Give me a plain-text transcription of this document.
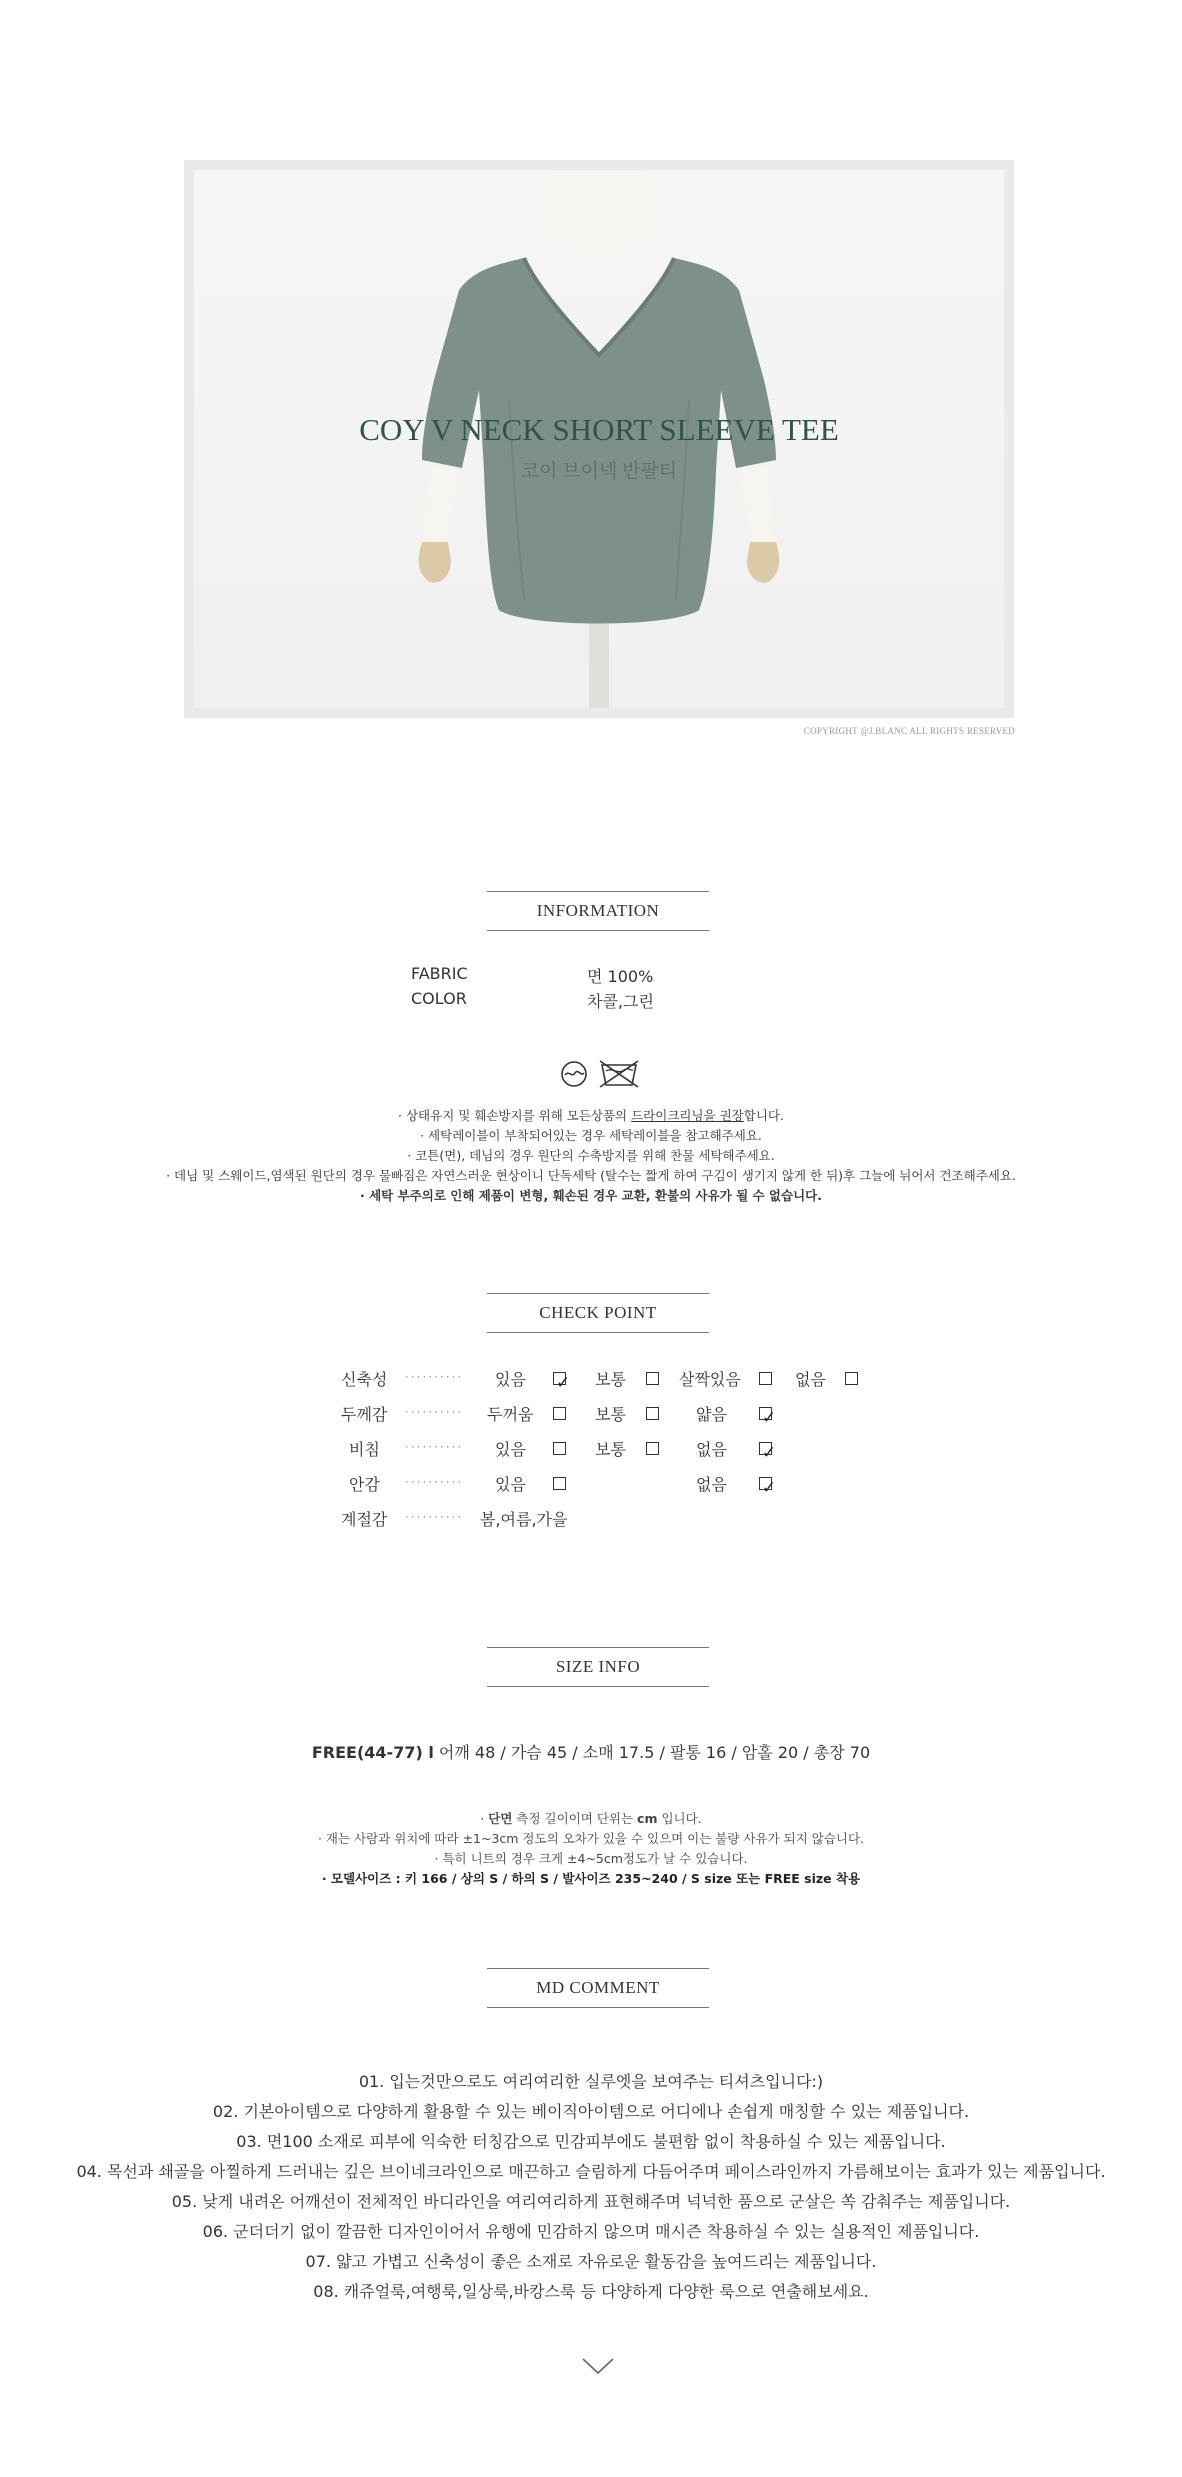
COY V NECK SHORT SLEEVE TEE
코이 브이넥 반팔티
COPYRIGHT @J.BLANC ALL RIGHTS RESERVED
INFORMATION
FABRIC	면 100%
COLOR	차콜,그린
· 상태유지 및 훼손방지를 위해 모든상품의 드라이크리닝을 권장합니다.
· 세탁레이블이 부착되어있는 경우 세탁레이블을 참고해주세요.
· 코튼(면), 데님의 경우 원단의 수축방지를 위해 찬물 세탁해주세요.
· 데님 및 스웨이드,염색된 원단의 경우 물빠짐은 자연스러운 현상이니 단독세탁 (탈수는 짧게 하여 구김이 생기지 않게 한 뒤)후 그늘에 뉘어서 건조해주세요.
· 세탁 부주의로 인해 제품이 변형, 훼손된 경우 교환, 환불의 사유가 될 수 없습니다.
CHECK POINT
신축성 ·········· 있음 ✓ 보통	살짝있음	없음
두께감 ·········· 두꺼움	보통	얇음 ✓
비침 ·········· 있음	보통	없음 ✓
안감 ·········· 있음	없음 ✓
계절감 ·········· 봄,여름,가을
SIZE INFO
FREE(44-77) l 어깨 48 / 가슴 45 / 소매 17.5 / 팔통 16 / 암홀 20 / 총장 70
· 단면 측정 길이이며 단위는 cm 입니다.
· 재는 사람과 위치에 따라 ±1~3cm 정도의 오차가 있을 수 있으며 이는 불량 사유가 되지 않습니다.
· 특히 니트의 경우 크게 ±4~5cm정도가 날 수 있습니다.
· 모델사이즈 : 키 166 / 상의 S / 하의 S / 발사이즈 235~240 / S size 또는 FREE size 착용
MD COMMENT
01. 입는것만으로도 여리여리한 실루엣을 보여주는 티셔츠입니다:)
02. 기본아이템으로 다양하게 활용할 수 있는 베이직아이템으로 어디에나 손쉽게 매칭할 수 있는 제품입니다.
03. 면100 소재로 피부에 익숙한 터칭감으로 민감피부에도 불편함 없이 착용하실 수 있는 제품입니다.
04. 목선과 쇄골을 아찔하게 드러내는 깊은 브이네크라인으로 매끈하고 슬림하게 다듬어주며 페이스라인까지 가름해보이는 효과가 있는 제품입니다.
05. 낮게 내려온 어깨선이 전체적인 바디라인을 여리여리하게 표현해주며 넉넉한 품으로 군살은 쏙 감춰주는 제품입니다.
06. 군더더기 없이 깔끔한 디자인이어서 유행에 민감하지 않으며 매시즌 착용하실 수 있는 실용적인 제품입니다.
07. 얇고 가볍고 신축성이 좋은 소재로 자유로운 활동감을 높여드리는 제품입니다.
08. 캐쥬얼룩,여행룩,일상룩,바캉스룩 등 다양하게 다양한 룩으로 연출해보세요.
